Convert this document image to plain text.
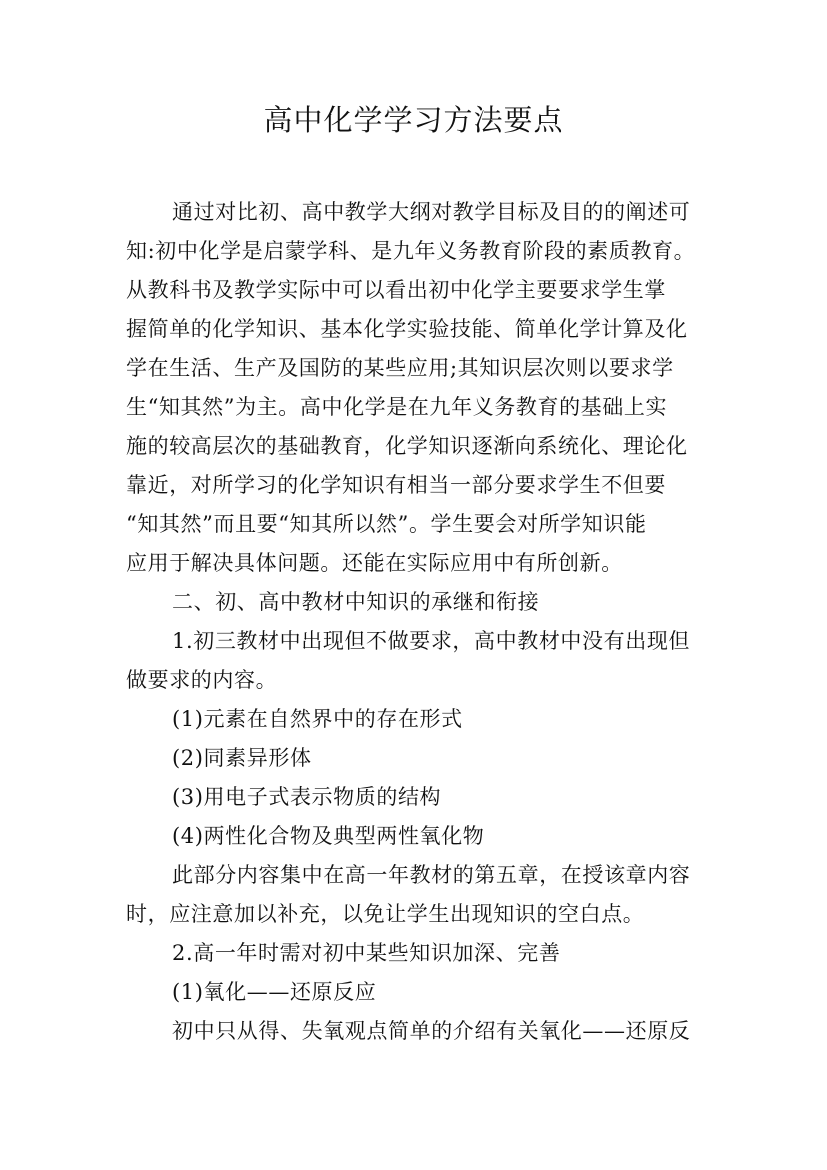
高中化学学习方法要点

通过对比初、高中教学大纲对教学目标及目的的阐述可
知:初中化学是启蒙学科、是九年义务教育阶段的素质教育。
从教科书及教学实际中可以看出初中化学主要要求学生掌
握简单的化学知识、基本化学实验技能、简单化学计算及化
学在生活、生产及国防的某些应用;其知识层次则以要求学
生“知其然”为主。高中化学是在九年义务教育的基础上实
施的较高层次的基础教育，化学知识逐渐向系统化、理论化
靠近，对所学习的化学知识有相当一部分要求学生不但要
“知其然”而且要“知其所以然”。学生要会对所学知识能
应用于解决具体问题。还能在实际应用中有所创新。

二、初、高中教材中知识的承继和衔接

1.初三教材中出现但不做要求，高中教材中没有出现但
做要求的内容。

(1)元素在自然界中的存在形式

(2)同素异形体

(3)用电子式表示物质的结构

(4)两性化合物及典型两性氧化物

此部分内容集中在高一年教材的第五章，在授该章内容
时，应注意加以补充，以免让学生出现知识的空白点。

2.高一年时需对初中某些知识加深、完善

(1)氧化——还原反应

初中只从得、失氧观点简单的介绍有关氧化——还原反
